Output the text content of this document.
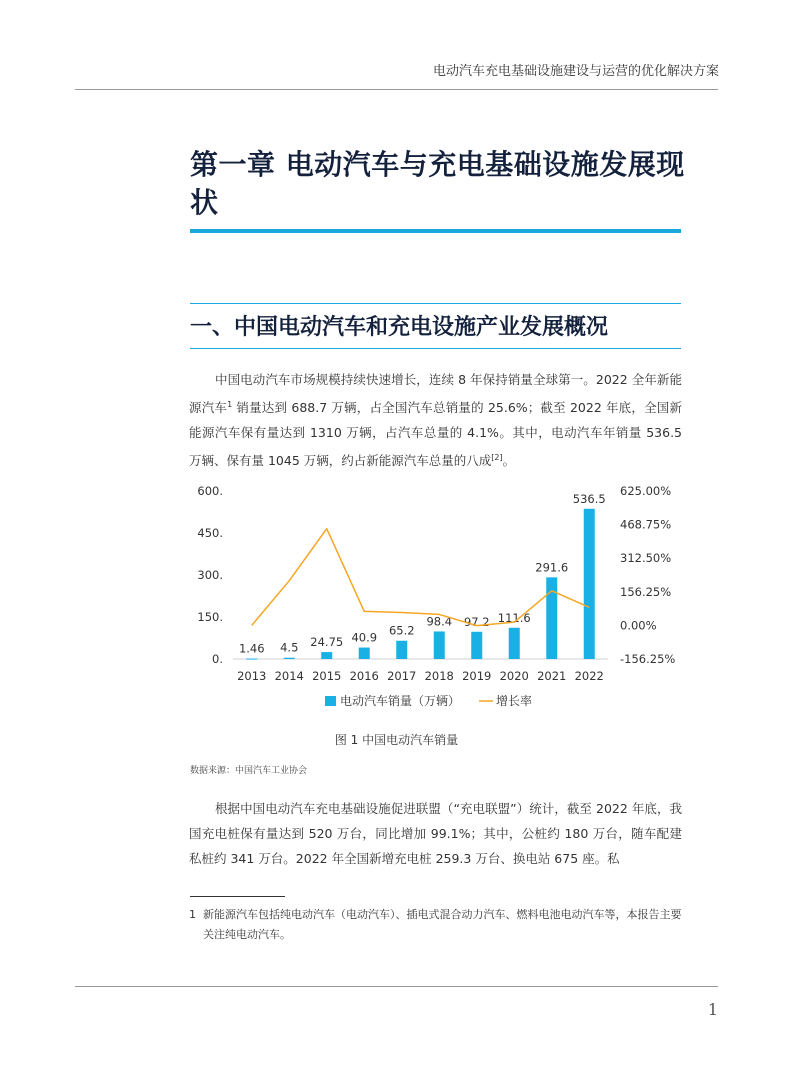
电动汽车充电基础设施建设与运营的优化解决方案
第一章 电动汽车与充电基础设施发展现状
一、中国电动汽车和充电设施产业发展概况

中国电动汽车市场规模持续快速增长，连续 8 年保持销量全球第一。2022 全年新能源汽车$^1$ 销量达到 688.7 万辆，占全国汽车总销量的 25.6%；截至 2022 年底，全国新能源汽车保有量达到 1310 万辆，占汽车总量的 4.1%。其中，电动汽车年销量 536.5 万辆、保有量 1045 万辆，约占新能源汽车总量的八成[2]。

0.
150.
300.
450.
600.
-156.25%
0.00%
156.25%
312.50%
468.75%
625.00%
1.46 4.5 24.75 40.9 65.2
98.4 97.2 111.6
291.6
536.5
2013 2014 2015 2016 2017 2018 2019 2020 2021 2022
电动汽车销量（万辆）	增长率
图 1 中国电动汽车销量
数据来源：中国汽车工业协会

根据中国电动汽车充电基础设施促进联盟（“充电联盟”）统计，截至 2022 年底，我国充电桩保有量达到 520 万台，同比增加 99.1%；其中，公桩约 180 万台，随车配建私桩约 341 万台。2022 年全国新增充电桩 259.3 万台、换电站 675 座。私

1 新能源汽车包括纯电动汽车（电动汽车）、插电式混合动力汽车、燃料电池电动汽车等，本报告主要关注纯电动汽车。
1
